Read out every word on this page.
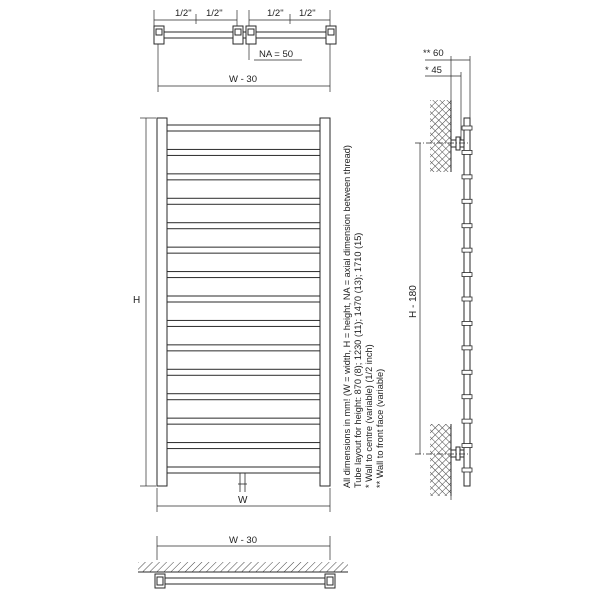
1/2" 1/2"	1/2" 1/2"
NA = 50
W - 30
H
W
All dimensions in mm! (W = width, H = height, NA = axial dimension between thread) Tube layout for height: 870 (8); 1230 (11); 1470 (13); 1710 (15) * Wall to centre (variable) (1/2 inch) ** Wall to front face (variable)
** 60
* 45
H - 180
W - 30
